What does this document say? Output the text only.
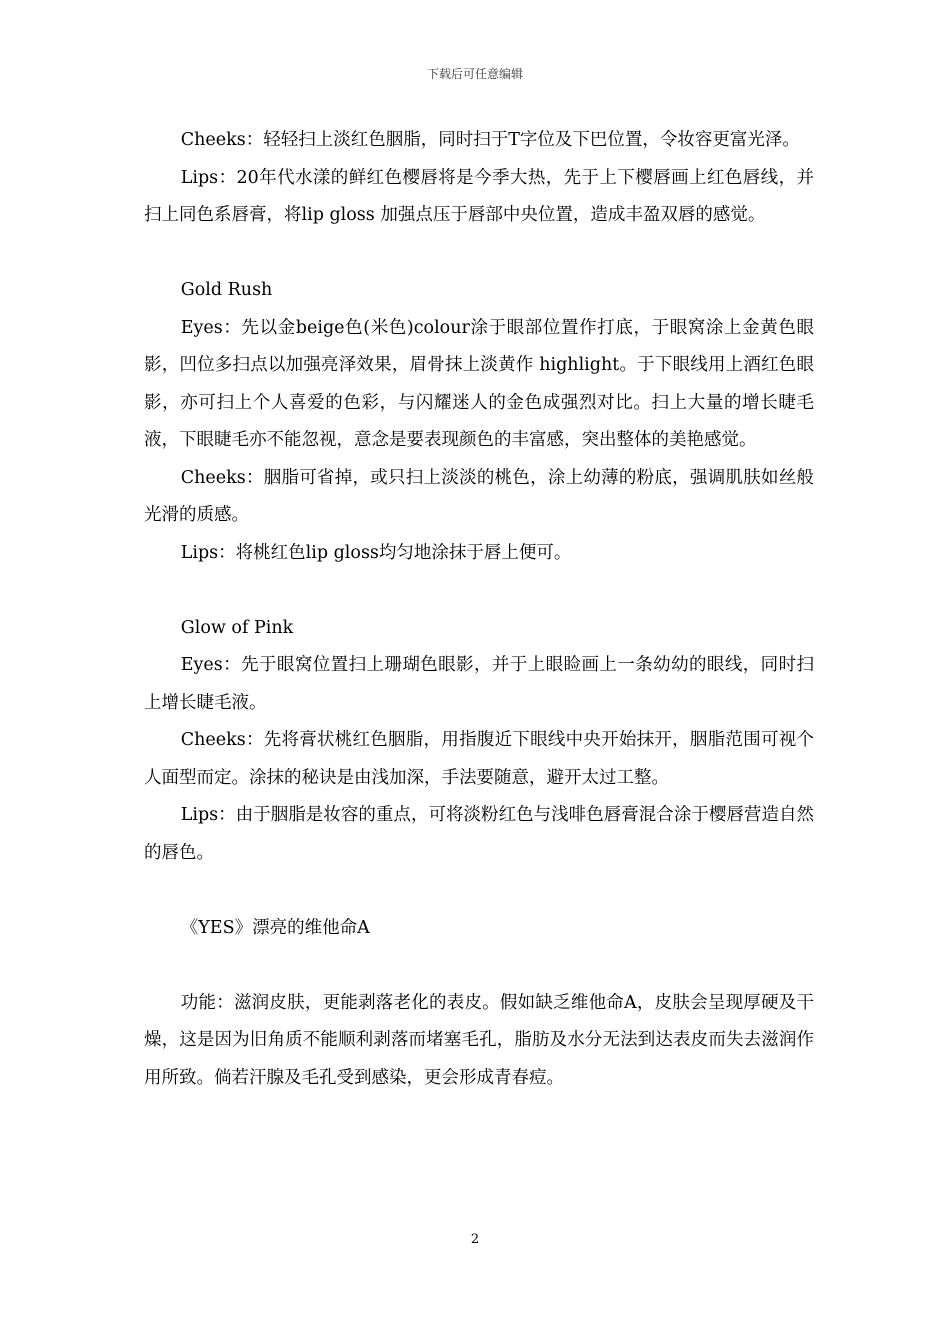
下载后可任意编辑

Cheeks：轻轻扫上淡红色胭脂，同时扫于T字位及下巴位置，令妆容更富光泽。

Lips：20年代水漾的鲜红色樱唇将是今季大热，先于上下樱唇画上红色唇线，并扫上同色系唇膏，将lip gloss 加强点压于唇部中央位置，造成丰盈双唇的感觉。

Gold Rush

Eyes：先以金beige色(米色)colour涂于眼部位置作打底，于眼窝涂上金黄色眼影，凹位多扫点以加强亮泽效果，眉骨抹上淡黄作 highlight。于下眼线用上酒红色眼影，亦可扫上个人喜爱的色彩，与闪耀迷人的金色成强烈对比。扫上大量的增长睫毛液，下眼睫毛亦不能忽视，意念是要表现颜色的丰富感，突出整体的美艳感觉。

Cheeks：胭脂可省掉，或只扫上淡淡的桃色，涂上幼薄的粉底，强调肌肤如丝般光滑的质感。

Lips：将桃红色lip gloss均匀地涂抹于唇上便可。

Glow of Pink

Eyes：先于眼窝位置扫上珊瑚色眼影，并于上眼睑画上一条幼幼的眼线，同时扫上增长睫毛液。

Cheeks：先将膏状桃红色胭脂，用指腹近下眼线中央开始抹开，胭脂范围可视个人面型而定。涂抹的秘诀是由浅加深，手法要随意，避开太过工整。

Lips：由于胭脂是妆容的重点，可将淡粉红色与浅啡色唇膏混合涂于樱唇营造自然的唇色。

《YES》漂亮的维他命A

功能：滋润皮肤，更能剥落老化的表皮。假如缺乏维他命A，皮肤会呈现厚硬及干燥，这是因为旧角质不能顺利剥落而堵塞毛孔，脂肪及水分无法到达表皮而失去滋润作用所致。倘若汗腺及毛孔受到感染，更会形成青春痘。

2
